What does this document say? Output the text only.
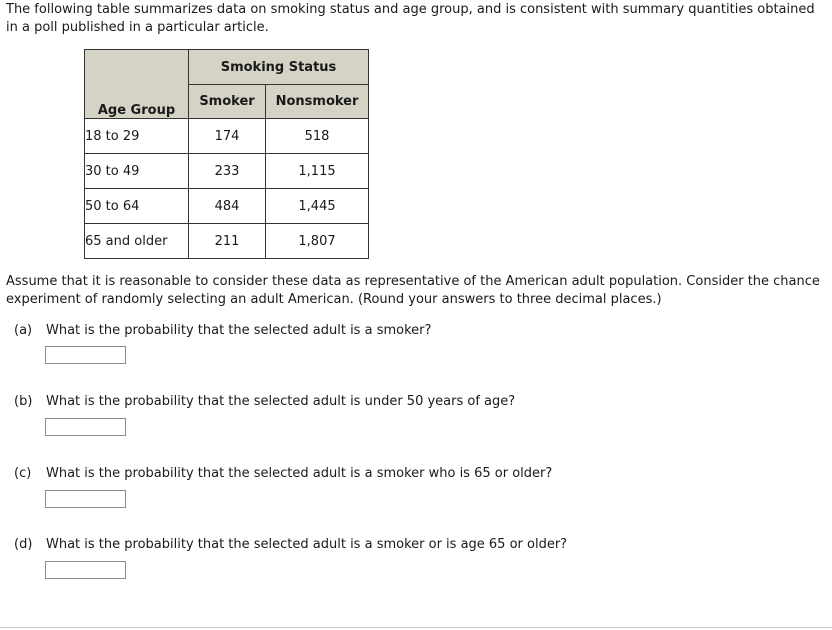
The following table summarizes data on smoking status and age group, and is consistent with summary quantities obtained in a poll published in a particular article.

Age Group	Smoking Status	
	Smoker	Nonsmoker
18 to 29	174	518
30 to 49	233	1,115
50 to 64	484	1,445
65 and older	211	1,807

Assume that it is reasonable to consider these data as representative of the American adult population. Consider the chance experiment of randomly selecting an adult American. (Round your answers to three decimal places.)

(a) What is the probability that the selected adult is a smoker?
(b) What is the probability that the selected adult is under 50 years of age?
(c) What is the probability that the selected adult is a smoker who is 65 or older?
(d) What is the probability that the selected adult is a smoker or is age 65 or older?
